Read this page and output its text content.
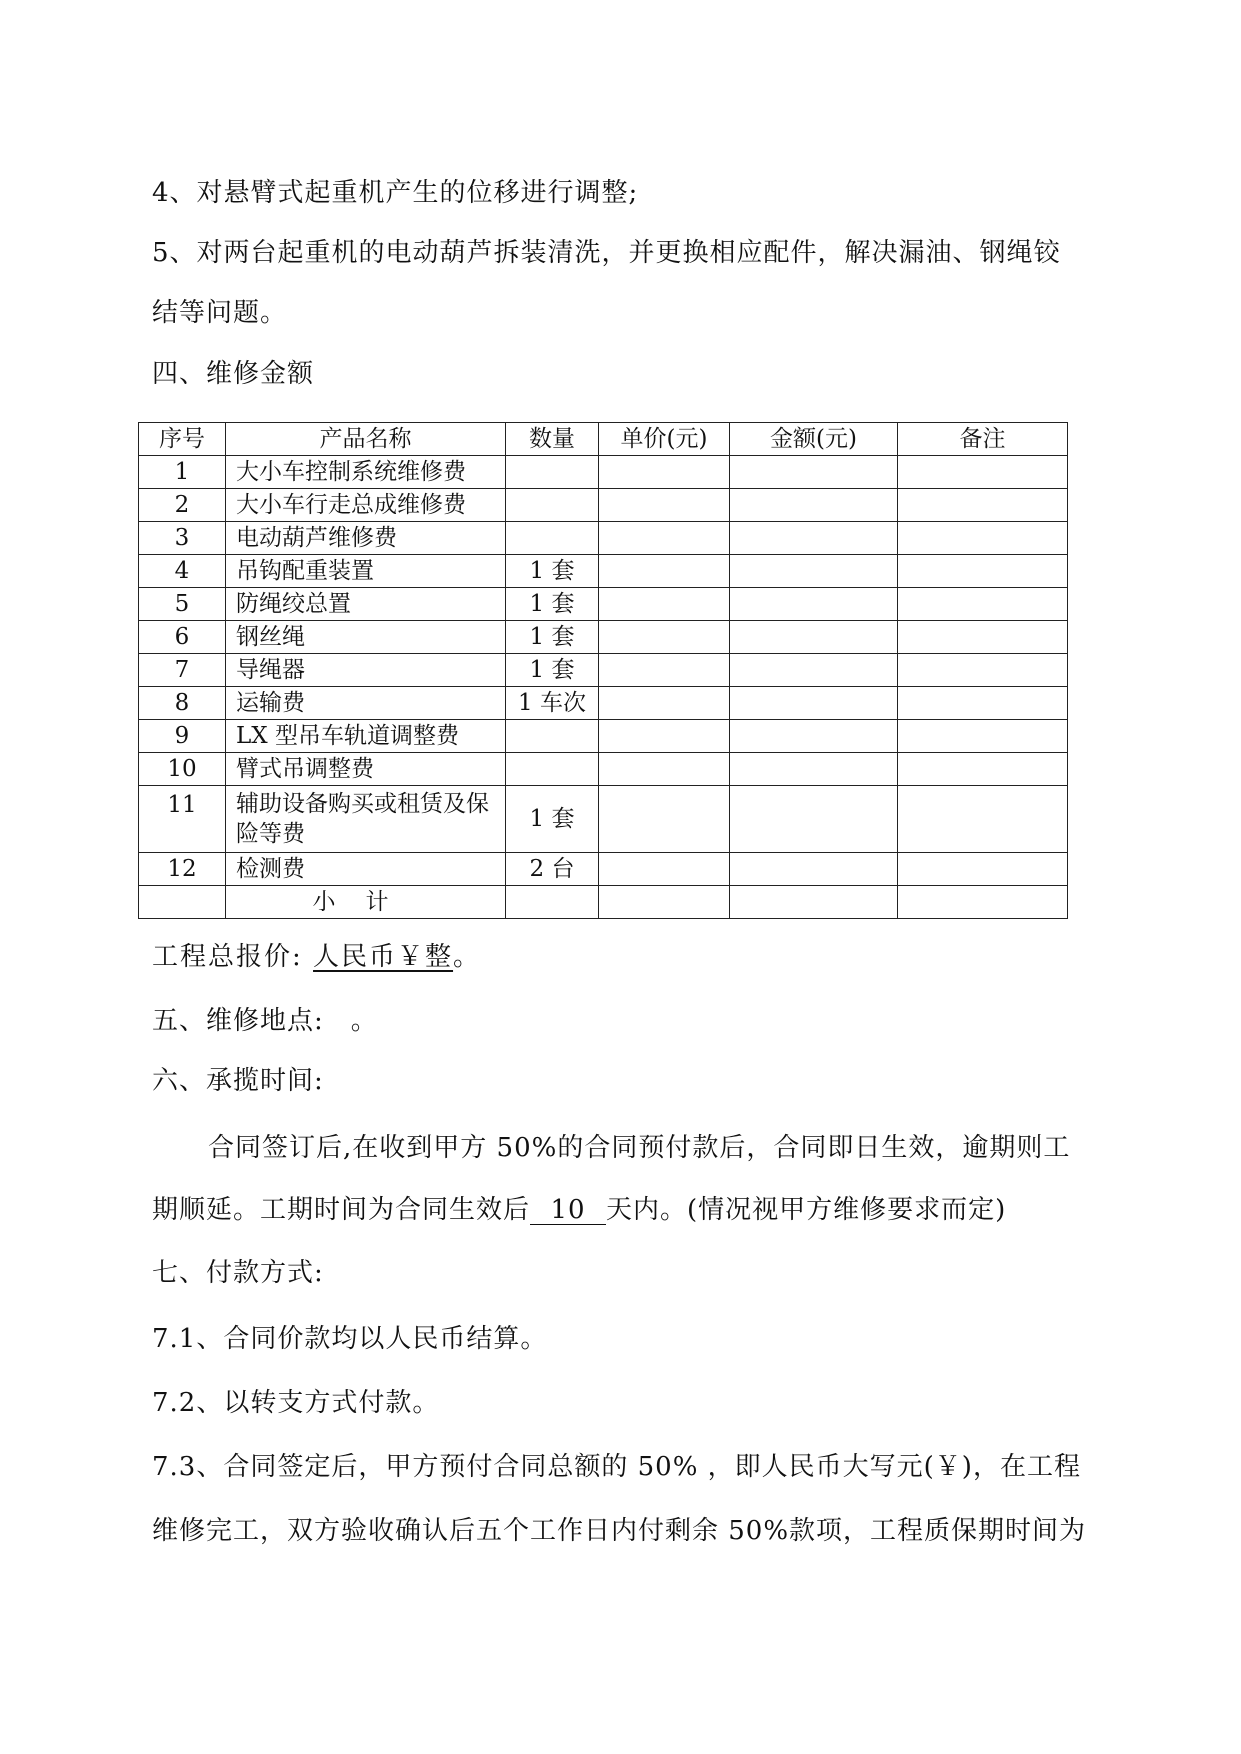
4、对悬臂式起重机产生的位移进行调整;
5、对两台起重机的电动葫芦拆装清洗，并更换相应配件，解决漏油、钢绳铰
结等问题。
四、维修金额
序号	产品名称	数量	单价(元)	金额(元)	备注
1	大小车控制系统维修费				
2	大小车行走总成维修费				
3	电动葫芦维修费				
4	吊钩配重装置	1 套			
5	防绳绞总置	1 套			
6	钢丝绳	1 套			
7	导绳器	1 套			
8	运输费	1 车次			
9	LX 型吊车轨道调整费				
10	臂式吊调整费				
11	辅助设备购买或租赁及保险等费	1 套			
12	检测费	2 台			
	小计				
工程总报价: 人民币￥整。
五、维修地点:　。
六、承揽时间:
合同签订后,在收到甲方 50%的合同预付款后，合同即日生效，逾期则工
期顺延。工期时间为合同生效后 10 天内。(情况视甲方维修要求而定)
七、付款方式:
7.1、合同价款均以人民币结算。
7.2、以转支方式付款。
7.3、合同签定后，甲方预付合同总额的 50% ，即人民币大写元(￥)，在工程
维修完工，双方验收确认后五个工作日内付剩余 50%款项，工程质保期时间为
